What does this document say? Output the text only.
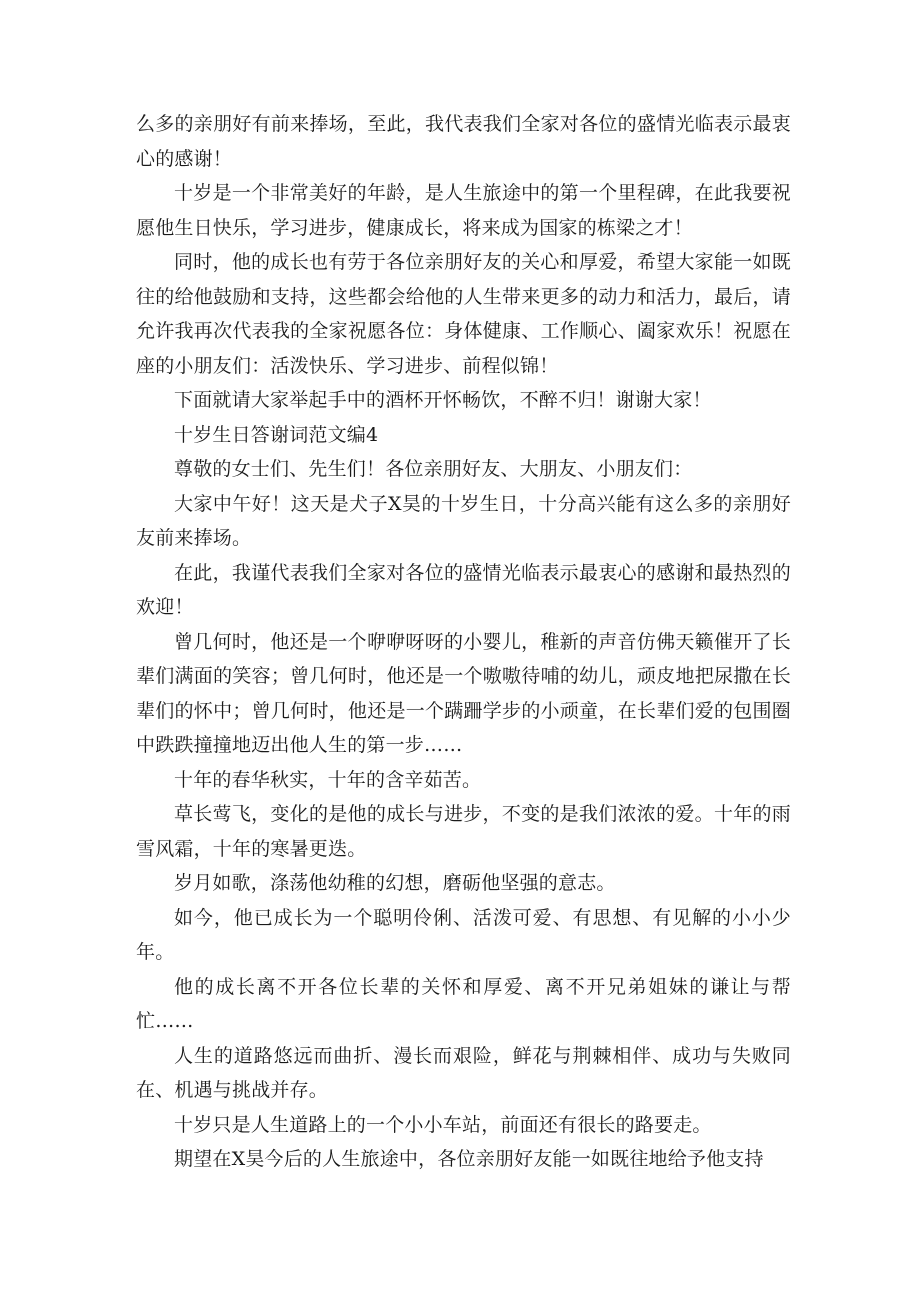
么多的亲朋好有前来捧场，至此，我代表我们全家对各位的盛情光临表示最衷心的感谢！

十岁是一个非常美好的年龄，是人生旅途中的第一个里程碑，在此我要祝愿他生日快乐，学习进步，健康成长，将来成为国家的栋梁之才！

同时，他的成长也有劳于各位亲朋好友的关心和厚爱，希望大家能一如既往的给他鼓励和支持，这些都会给他的人生带来更多的动力和活力，最后，请允许我再次代表我的全家祝愿各位：身体健康、工作顺心、阖家欢乐！祝愿在座的小朋友们：活泼快乐、学习进步、前程似锦！

下面就请大家举起手中的酒杯开怀畅饮，不醉不归！谢谢大家！

十岁生日答谢词范文编4

尊敬的女士们、先生们！各位亲朋好友、大朋友、小朋友们：

大家中午好！这天是犬子X昊的十岁生日，十分高兴能有这么多的亲朋好友前来捧场。

在此，我谨代表我们全家对各位的盛情光临表示最衷心的感谢和最热烈的欢迎！

曾几何时，他还是一个咿咿呀呀的小婴儿，稚新的声音仿佛天籁催开了长辈们满面的笑容；曾几何时，他还是一个嗷嗷待哺的幼儿，顽皮地把尿撒在长辈们的怀中；曾几何时，他还是一个蹒跚学步的小顽童，在长辈们爱的包围圈中跌跌撞撞地迈出他人生的第一步……

十年的春华秋实，十年的含辛茹苦。

草长莺飞，变化的是他的成长与进步，不变的是我们浓浓的爱。十年的雨雪风霜，十年的寒暑更迭。

岁月如歌，涤荡他幼稚的幻想，磨砺他坚强的意志。

如今，他已成长为一个聪明伶俐、活泼可爱、有思想、有见解的小小少年。

他的成长离不开各位长辈的关怀和厚爱、离不开兄弟姐妹的谦让与帮忙……

人生的道路悠远而曲折、漫长而艰险，鲜花与荆棘相伴、成功与失败同在、机遇与挑战并存。

十岁只是人生道路上的一个小小车站，前面还有很长的路要走。

期望在X昊今后的人生旅途中，各位亲朋好友能一如既往地给予他支持
